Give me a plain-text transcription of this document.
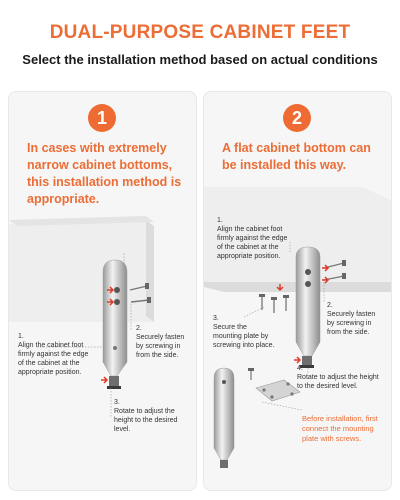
DUAL-PURPOSE CABINET FEET
Select the installation method based on actual conditions
1
In cases with extremely
narrow cabinet bottoms,
this installation method is
appropriate.
1.
Align the cabinet foot
firmly against the edge
of the cabinet at the
appropriate position.
2.
Securely fasten
by screwing in
from the side.
3.
Rotate to adjust the
height to the desired
level.
2
A flat cabinet bottom can
be installed this way.
1.
Align the cabinet foot
firmly against the edge
of the cabinet at the
appropriate position.
2.
Securely fasten
by screwing in
from the side.
3.
Secure the
mounting plate by
screwing into place.
4.
Rotate to adjust the height
to the desired level.
Before installation, first
connect the mounting
plate with screws.
